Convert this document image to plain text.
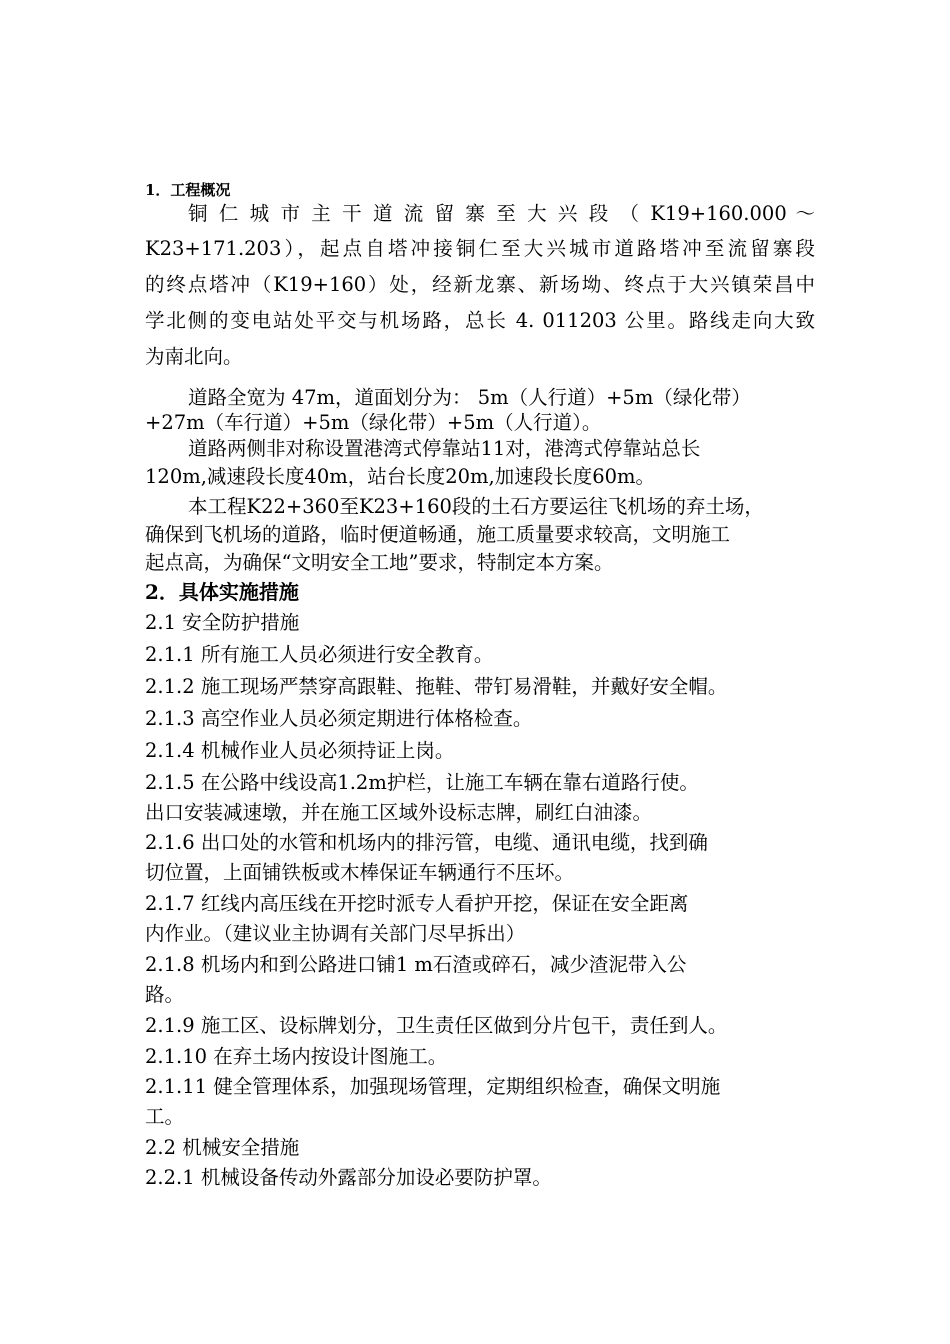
1．工程概况
铜 仁 城 市 主 干 道 流 留 寨 至 大 兴 段 （ K19+160.000 ～
K23+171.203），起点自塔冲接铜仁至大兴城市道路塔冲至流留寨段
的终点塔冲（K19+160）处，经新龙寨、新场坳、终点于大兴镇荣昌中
学北侧的变电站处平交与机场路，总长 4. 011203 公里。路线走向大致
为南北向。
道路全宽为 47m，道面划分为： 5m（人行道）+5m（绿化带）
+27m（车行道）+5m（绿化带）+5m（人行道）。
道路两侧非对称设置港湾式停靠站11对，港湾式停靠站总长
120m,减速段长度40m，站台长度20m,加速段长度60m。
本工程K22+360至K23+160段的土石方要运往飞机场的弃土场，
确保到飞机场的道路，临时便道畅通，施工质量要求较高，文明施工
起点高，为确保“文明安全工地”要求，特制定本方案。
2．具体实施措施
2.1 安全防护措施
2.1.1 所有施工人员必须进行安全教育。
2.1.2 施工现场严禁穿高跟鞋、拖鞋、带钉易滑鞋，并戴好安全帽。
2.1.3 高空作业人员必须定期进行体格检查。
2.1.4 机械作业人员必须持证上岗。
2.1.5 在公路中线设高1.2m护栏，让施工车辆在靠右道路行使。
出口安装减速墩，并在施工区域外设标志牌，刷红白油漆。
2.1.6 出口处的水管和机场内的排污管，电缆、通讯电缆，找到确
切位置，上面铺铁板或木棒保证车辆通行不压坏。
2.1.7 红线内高压线在开挖时派专人看护开挖，保证在安全距离
内作业。（建议业主协调有关部门尽早拆出）
2.1.8 机场内和到公路进口铺1 m石渣或碎石，减少渣泥带入公
路。
2.1.9 施工区、设标牌划分，卫生责任区做到分片包干，责任到人。
2.1.10 在弃土场内按设计图施工。
2.1.11 健全管理体系，加强现场管理，定期组织检查，确保文明施
工。
2.2 机械安全措施
2.2.1 机械设备传动外露部分加设必要防护罩。
